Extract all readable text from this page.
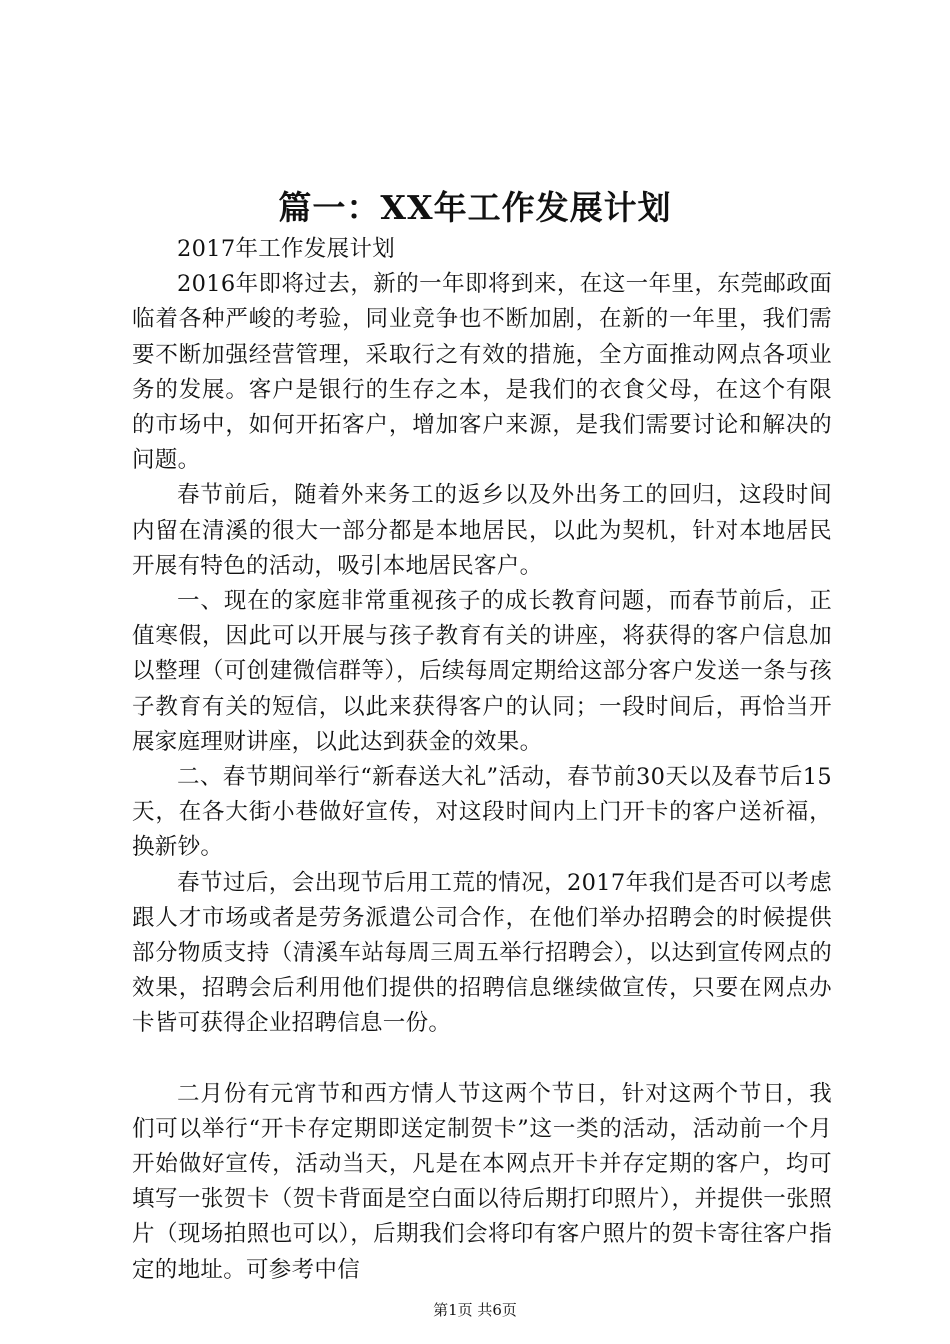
篇一：XX年工作发展计划

2017年工作发展计划

2016年即将过去，新的一年即将到来，在这一年里，东莞邮政面临着各种严峻的考验，同业竞争也不断加剧，在新的一年里，我们需要不断加强经营管理，采取行之有效的措施，全方面推动网点各项业务的发展。客户是银行的生存之本，是我们的衣食父母，在这个有限的市场中，如何开拓客户，增加客户来源，是我们需要讨论和解决的问题。

春节前后，随着外来务工的返乡以及外出务工的回归，这段时间内留在清溪的很大一部分都是本地居民，以此为契机，针对本地居民开展有特色的活动，吸引本地居民客户。

一、现在的家庭非常重视孩子的成长教育问题，而春节前后，正值寒假，因此可以开展与孩子教育有关的讲座，将获得的客户信息加以整理（可创建微信群等），后续每周定期给这部分客户发送一条与孩子教育有关的短信，以此来获得客户的认同；一段时间后，再恰当开展家庭理财讲座，以此达到获金的效果。

二、春节期间举行“新春送大礼”活动，春节前30天以及春节后15天，在各大街小巷做好宣传，对这段时间内上门开卡的客户送祈福，换新钞。

春节过后，会出现节后用工荒的情况，2017年我们是否可以考虑跟人才市场或者是劳务派遣公司合作，在他们举办招聘会的时候提供部分物质支持（清溪车站每周三周五举行招聘会），以达到宣传网点的效果，招聘会后利用他们提供的招聘信息继续做宣传，只要在网点办卡皆可获得企业招聘信息一份。

二月份有元宵节和西方情人节这两个节日，针对这两个节日，我们可以举行“开卡存定期即送定制贺卡”这一类的活动，活动前一个月开始做好宣传，活动当天，凡是在本网点开卡并存定期的客户，均可填写一张贺卡（贺卡背面是空白面以待后期打印照片），并提供一张照片（现场拍照也可以），后期我们会将印有客户照片的贺卡寄往客户指定的地址。可参考中信

第1页 共6页
